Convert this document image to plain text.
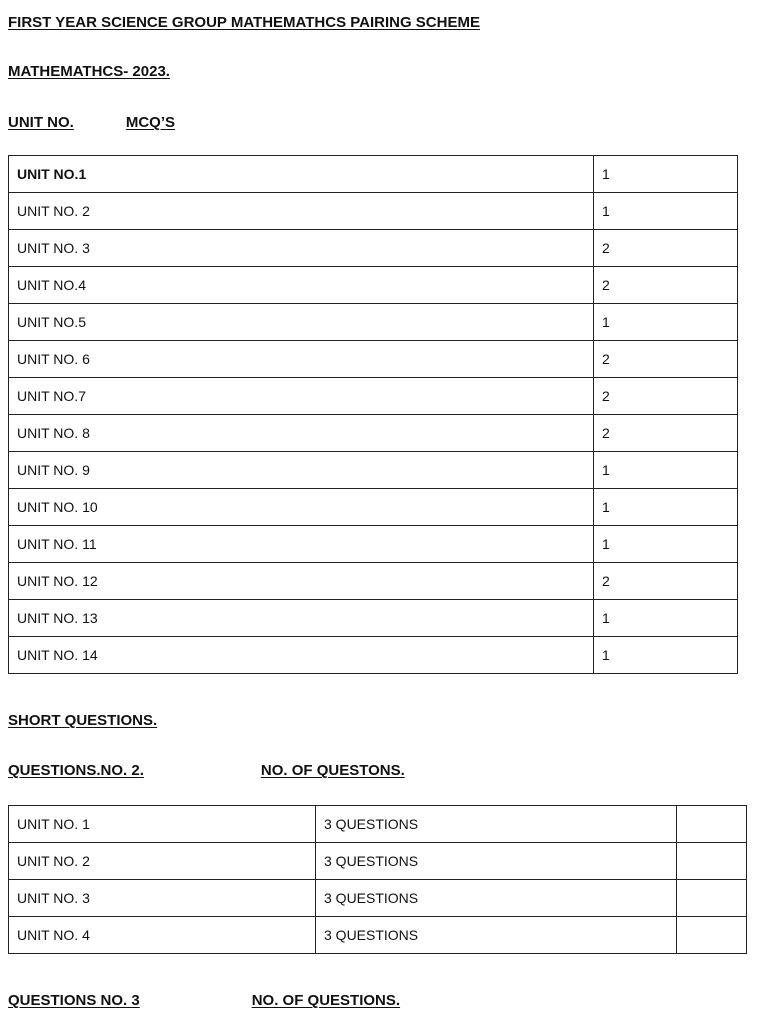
FIRST YEAR SCIENCE GROUP MATHEMATHCS PAIRING SCHEME
MATHEMATHCS- 2023.
UNIT NO.	MCQ’S
UNIT NO.1	1
UNIT NO. 2	1
UNIT NO. 3	2
UNIT NO.4	2
UNIT NO.5	1
UNIT NO. 6	2
UNIT NO.7	2
UNIT NO. 8	2
UNIT NO. 9	1
UNIT NO. 10	1
UNIT NO. 11	1
UNIT NO. 12	2
UNIT NO. 13	1
UNIT NO. 14	1
SHORT QUESTIONS.
QUESTIONS.NO. 2.	NO. OF QUESTONS.
UNIT NO. 1	3 QUESTIONS	
UNIT NO. 2	3 QUESTIONS	
UNIT NO. 3	3 QUESTIONS	
UNIT NO. 4	3 QUESTIONS	
QUESTIONS NO. 3	NO. OF QUESTIONS.
